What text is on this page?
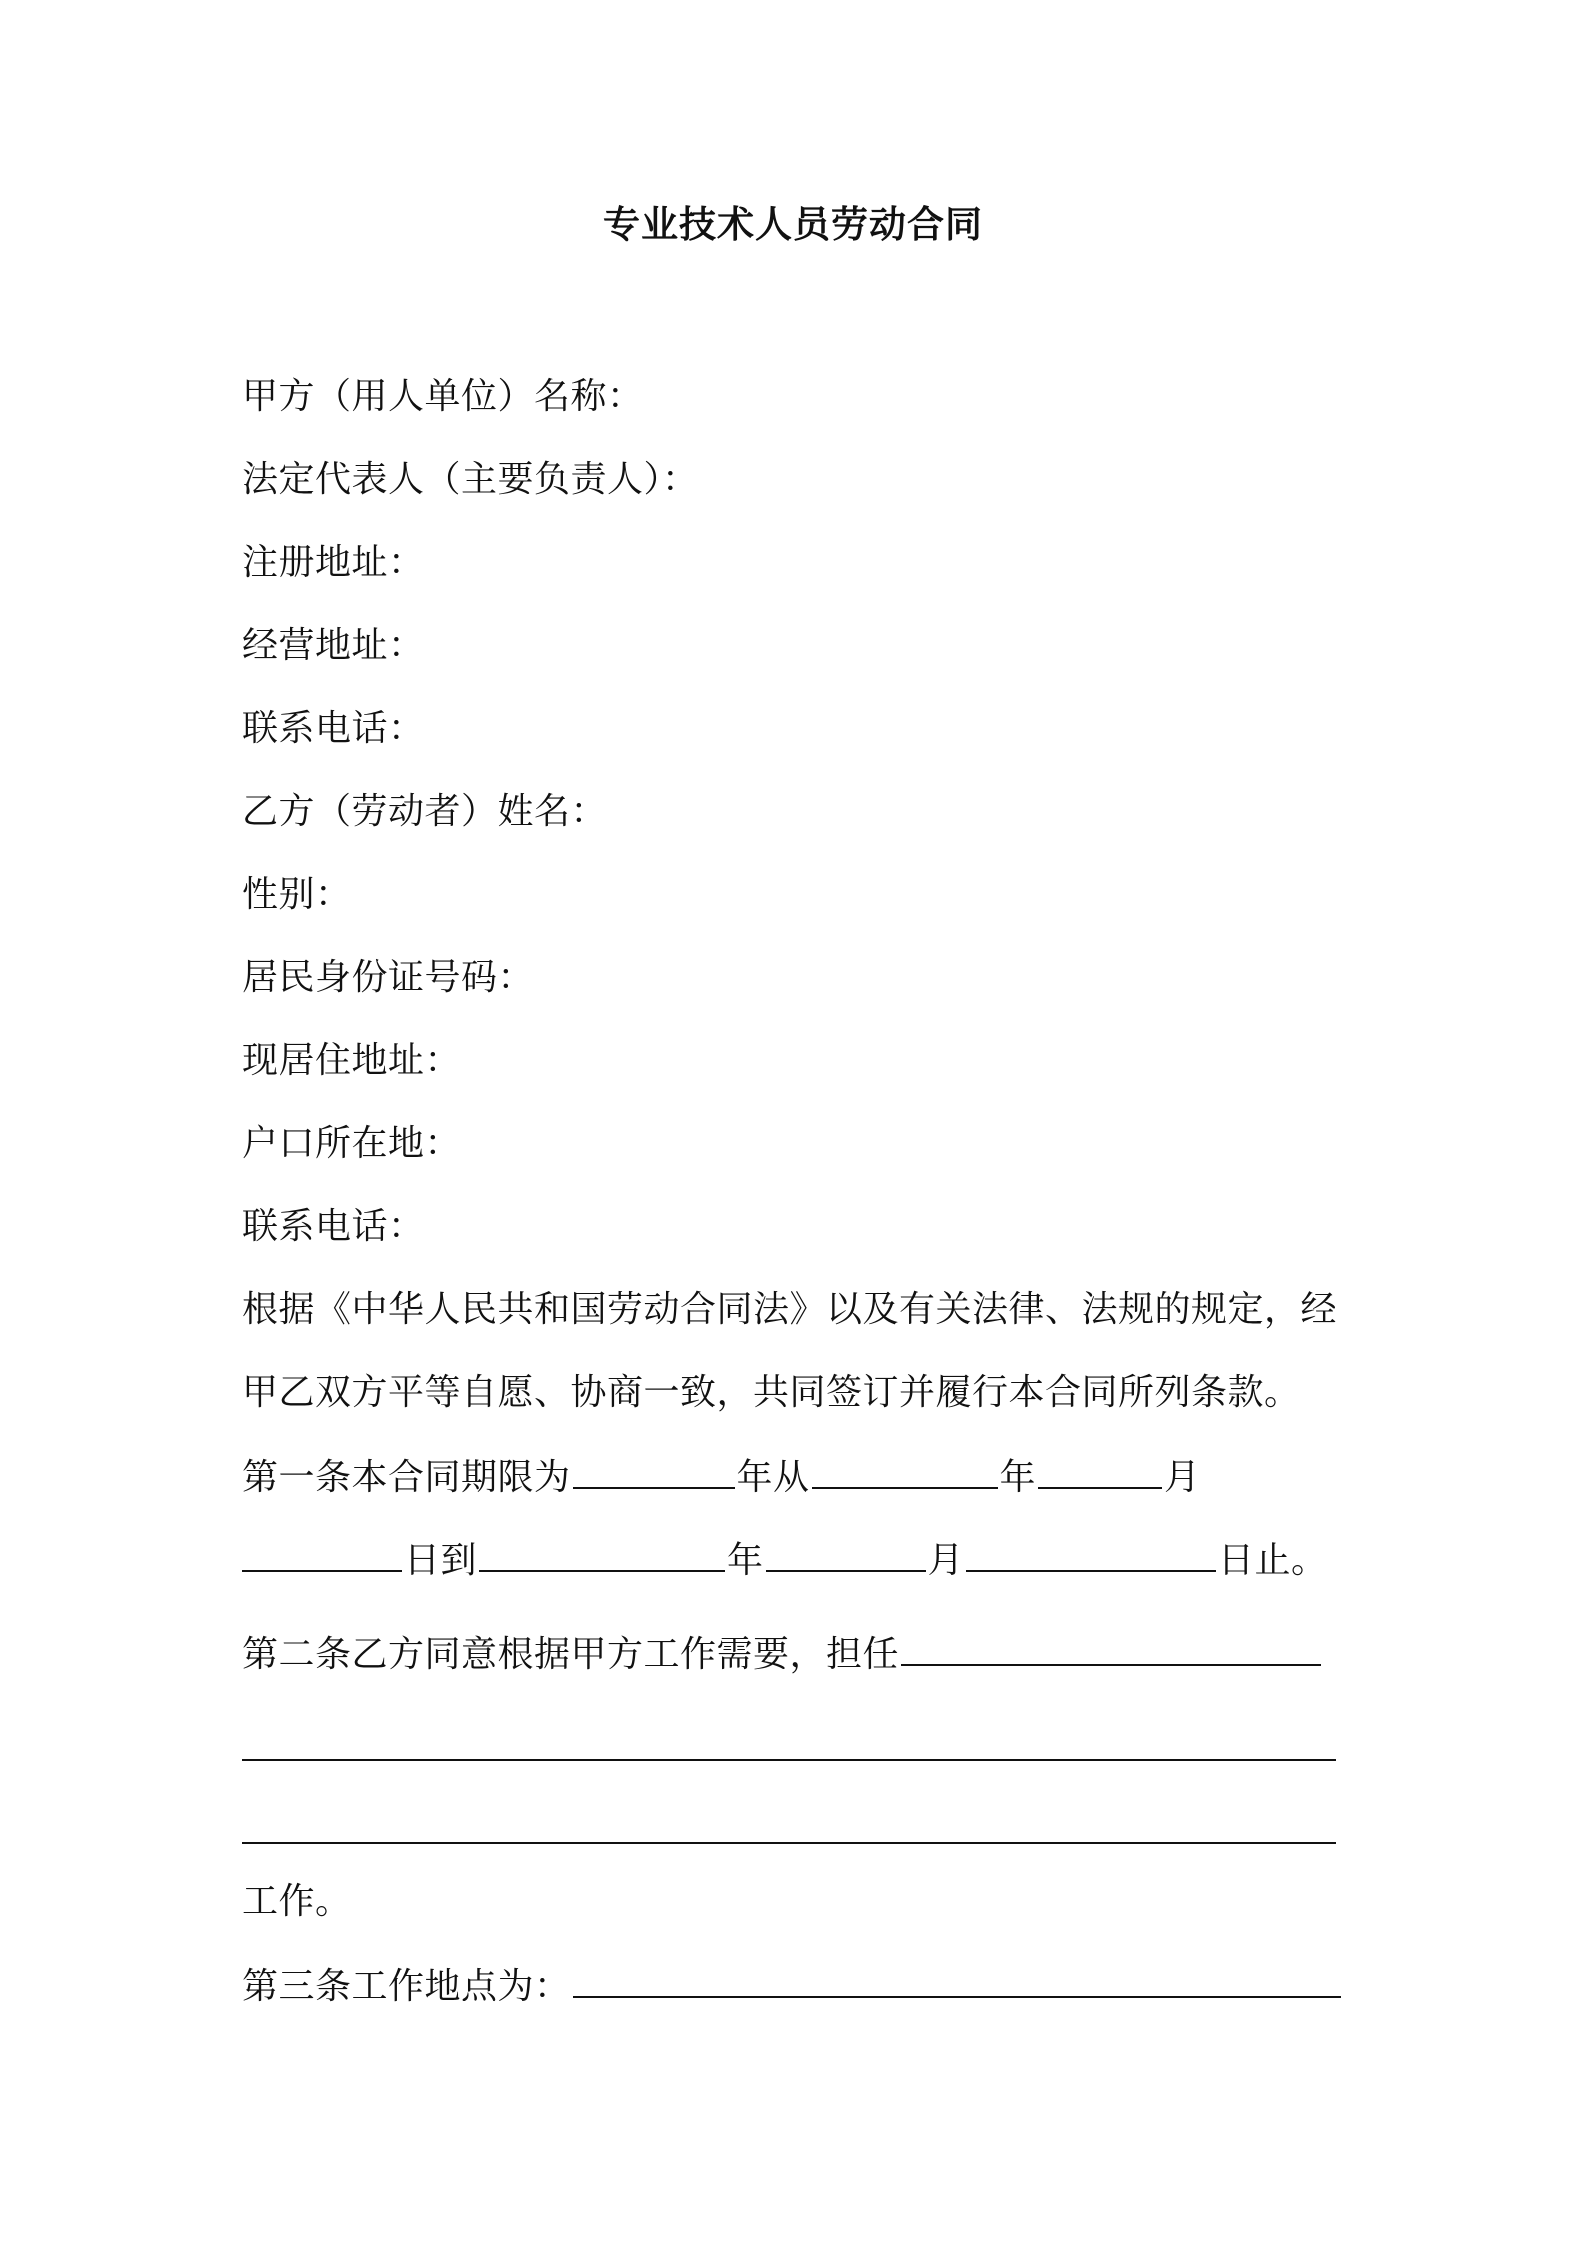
专业技术人员劳动合同
甲方（用人单位）名称：
法定代表人（主要负责人）：
注册地址：
经营地址：
联系电话：
乙方（劳动者）姓名：
性别：
居民身份证号码：
现居住地址：
户口所在地：
联系电话：
根据《中华人民共和国劳动合同法》以及有关法律、法规的规定，经
甲乙双方平等自愿、协商一致，共同签订并履行本合同所列条款。
第一条本合同期限为	年从	年	月
日到	年	月	日止。
第二条乙方同意根据甲方工作需要，担任
工作。
第三条工作地点为：
